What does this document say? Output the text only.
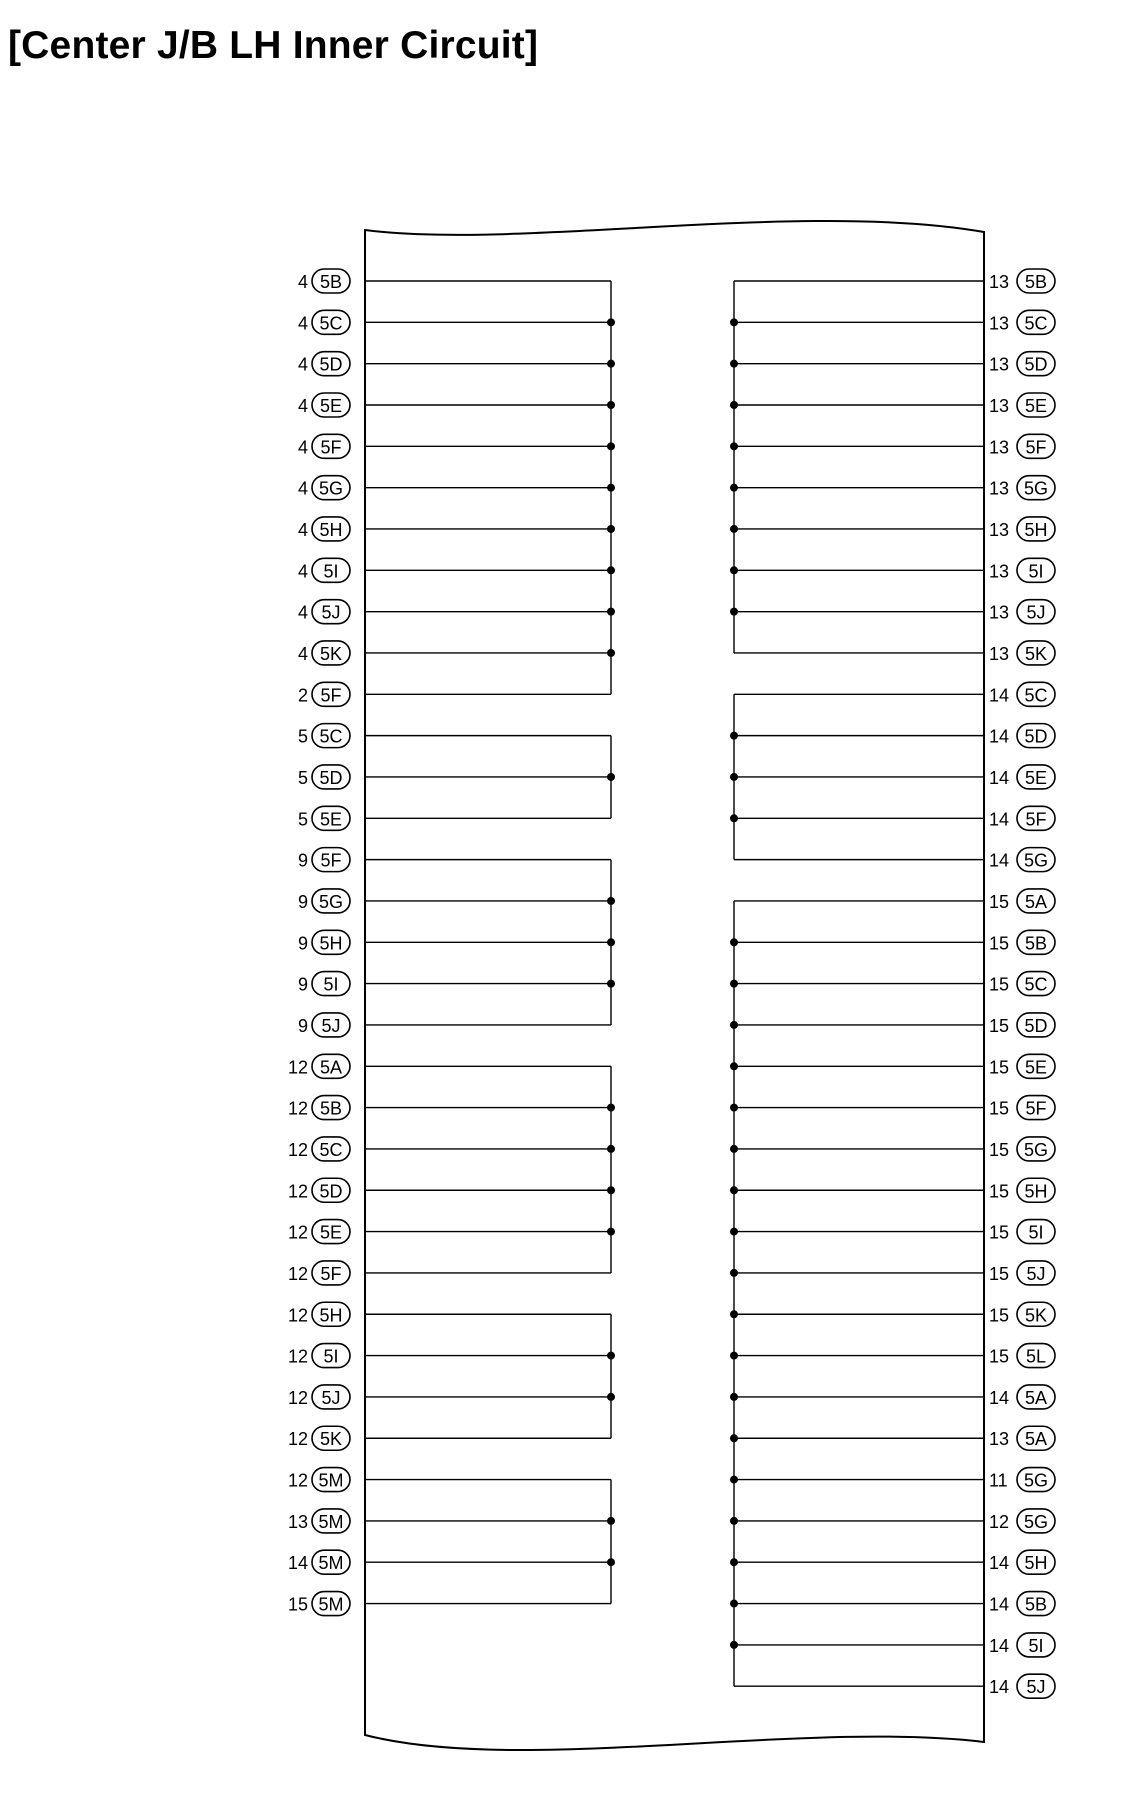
[Center J/B LH Inner Circuit]
4 5B
4 5C
4 5D
4 5E
4 5F
4 5G
4 5H
4 5I
4 5J
4 5K
2 5F
5 5C
5 5D
5 5E
9 5F
9 5G
9 5H
9 5I
9 5J
12 5A
12 5B
12 5C
12 5D
12 5E
12 5F
12 5H
12 5I
12 5J
12 5K
12 5M
13 5M
14 5M
15 5M
13 5B
13 5C
13 5D
13 5E
13 5F
13 5G
13 5H
13 5I
13 5J
13 5K
14 5C
14 5D
14 5E
14 5F
14 5G
15 5A
15 5B
15 5C
15 5D
15 5E
15 5F
15 5G
15 5H
15 5I
15 5J
15 5K
15 5L
14 5A
13 5A
11 5G
12 5G
14 5H
14 5B
14 5I
14 5J
